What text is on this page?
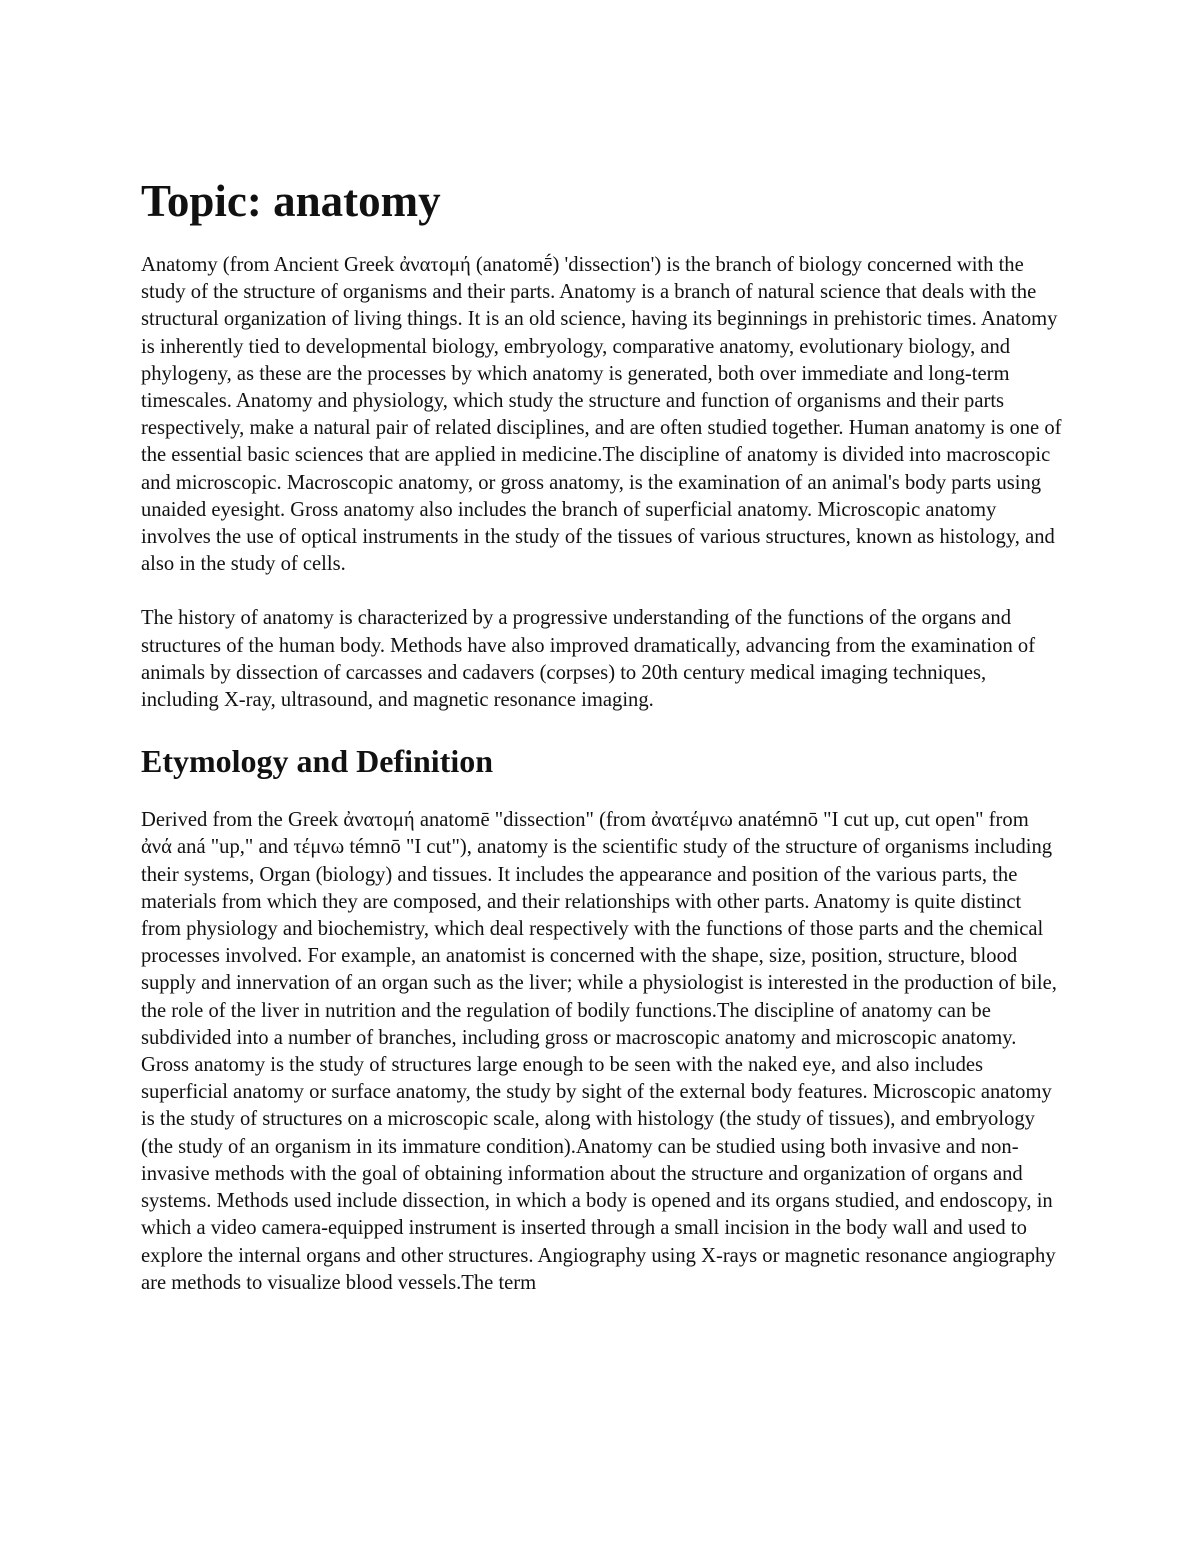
Topic: anatomy

Anatomy (from Ancient Greek ἀνατομή (anatomḗ) 'dissection') is the branch of biology concerned with the study of the structure of organisms and their parts. Anatomy is a branch of natural science that deals with the structural organization of living things. It is an old science, having its beginnings in prehistoric times. Anatomy is inherently tied to developmental biology, embryology, comparative anatomy, evolutionary biology, and phylogeny, as these are the processes by which anatomy is generated, both over immediate and long-term timescales. Anatomy and physiology, which study the structure and function of organisms and their parts respectively, make a natural pair of related disciplines, and are often studied together. Human anatomy is one of the essential basic sciences that are applied in medicine.The discipline of anatomy is divided into macroscopic and microscopic. Macroscopic anatomy, or gross anatomy, is the examination of an animal's body parts using unaided eyesight. Gross anatomy also includes the branch of superficial anatomy. Microscopic anatomy involves the use of optical instruments in the study of the tissues of various structures, known as histology, and also in the study of cells.

The history of anatomy is characterized by a progressive understanding of the functions of the organs and structures of the human body. Methods have also improved dramatically, advancing from the examination of animals by dissection of carcasses and cadavers (corpses) to 20th century medical imaging techniques, including X-ray, ultrasound, and magnetic resonance imaging.

Etymology and Definition

Derived from the Greek ἀνατομή anatomē "dissection" (from ἀνατέμνω anatémnō "I cut up, cut open" from ἀνά aná "up," and τέμνω témnō "I cut"), anatomy is the scientific study of the structure of organisms including their systems, Organ (biology) and tissues. It includes the appearance and position of the various parts, the materials from which they are composed, and their relationships with other parts. Anatomy is quite distinct from physiology and biochemistry, which deal respectively with the functions of those parts and the chemical processes involved. For example, an anatomist is concerned with the shape, size, position, structure, blood supply and innervation of an organ such as the liver; while a physiologist is interested in the production of bile, the role of the liver in nutrition and the regulation of bodily functions.The discipline of anatomy can be subdivided into a number of branches, including gross or macroscopic anatomy and microscopic anatomy. Gross anatomy is the study of structures large enough to be seen with the naked eye, and also includes superficial anatomy or surface anatomy, the study by sight of the external body features. Microscopic anatomy is the study of structures on a microscopic scale, along with histology (the study of tissues), and embryology (the study of an organism in its immature condition).Anatomy can be studied using both invasive and non-invasive methods with the goal of obtaining information about the structure and organization of organs and systems. Methods used include dissection, in which a body is opened and its organs studied, and endoscopy, in which a video camera-equipped instrument is inserted through a small incision in the body wall and used to explore the internal organs and other structures. Angiography using X-rays or magnetic resonance angiography are methods to visualize blood vessels.The term
